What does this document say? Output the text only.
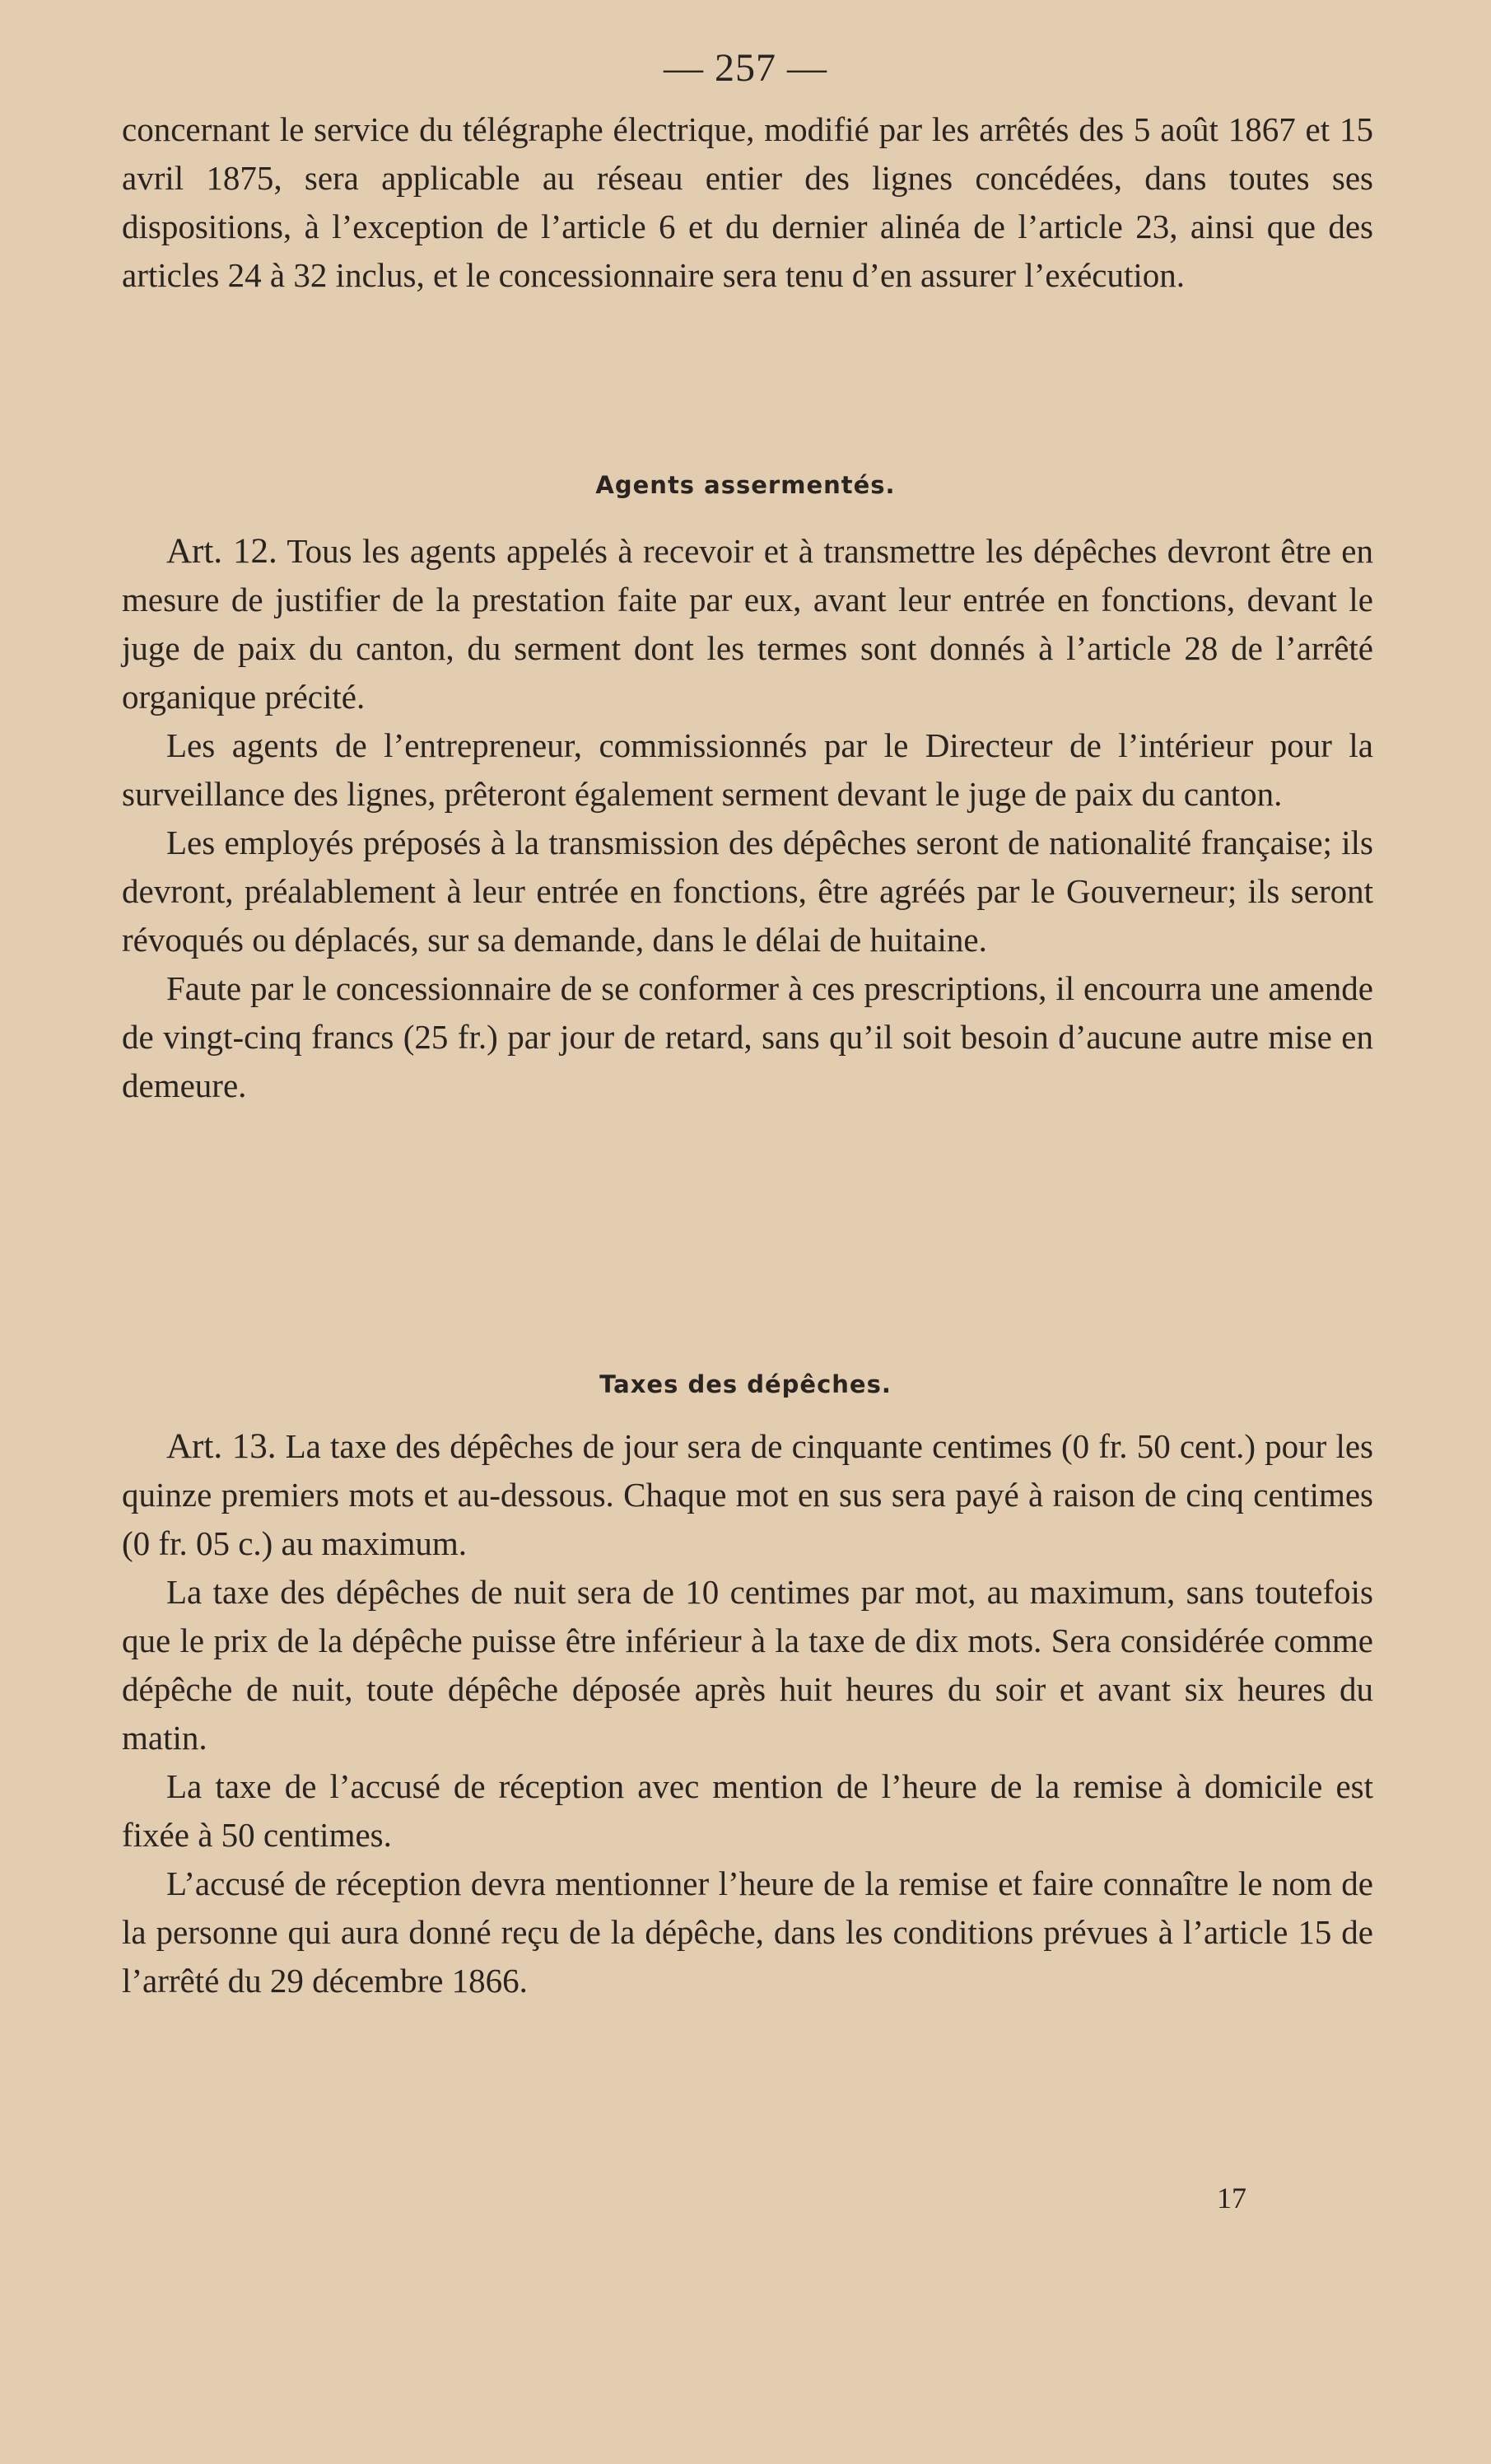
— 257 —

concernant le service du télégraphe électrique, modifié par les arrêtés des 5 août 1867 et 15 avril 1875, sera applicable au réseau entier des lignes concédées, dans toutes ses dispositions, à l’exception de l’article 6 et du dernier alinéa de l’article 23, ainsi que des articles 24 à 32 inclus, et le concessionnaire sera tenu d’en assurer l’exécution.

Agents assermentés.

Art. 12. Tous les agents appelés à recevoir et à transmettre les dépêches devront être en mesure de justifier de la prestation faite par eux, avant leur entrée en fonctions, devant le juge de paix du canton, du serment dont les termes sont donnés à l’article 28 de l’arrêté organique précité.

Les agents de l’entrepreneur, commissionnés par le Directeur de l’intérieur pour la surveillance des lignes, prêteront également serment devant le juge de paix du canton.

Les employés préposés à la transmission des dépêches seront de nationalité française; ils devront, préalablement à leur entrée en fonctions, être agréés par le Gouverneur; ils seront révoqués ou déplacés, sur sa demande, dans le délai de huitaine.

Faute par le concessionnaire de se conformer à ces prescriptions, il encourra une amende de vingt-cinq francs (25 fr.) par jour de retard, sans qu’il soit besoin d’aucune autre mise en demeure.

Taxes des dépêches.

Art. 13. La taxe des dépêches de jour sera de cinquante centimes (0 fr. 50 cent.) pour les quinze premiers mots et au-dessous. Chaque mot en sus sera payé à raison de cinq centimes (0 fr. 05 c.) au maximum.

La taxe des dépêches de nuit sera de 10 centimes par mot, au maximum, sans toutefois que le prix de la dépêche puisse être inférieur à la taxe de dix mots. Sera considérée comme dépêche de nuit, toute dépêche déposée après huit heures du soir et avant six heures du matin.

La taxe de l’accusé de réception avec mention de l’heure de la remise à domicile est fixée à 50 centimes.

L’accusé de réception devra mentionner l’heure de la remise et faire connaître le nom de la personne qui aura donné reçu de la dépêche, dans les conditions prévues à l’article 15 de l’arrêté du 29 décembre 1866.

17
